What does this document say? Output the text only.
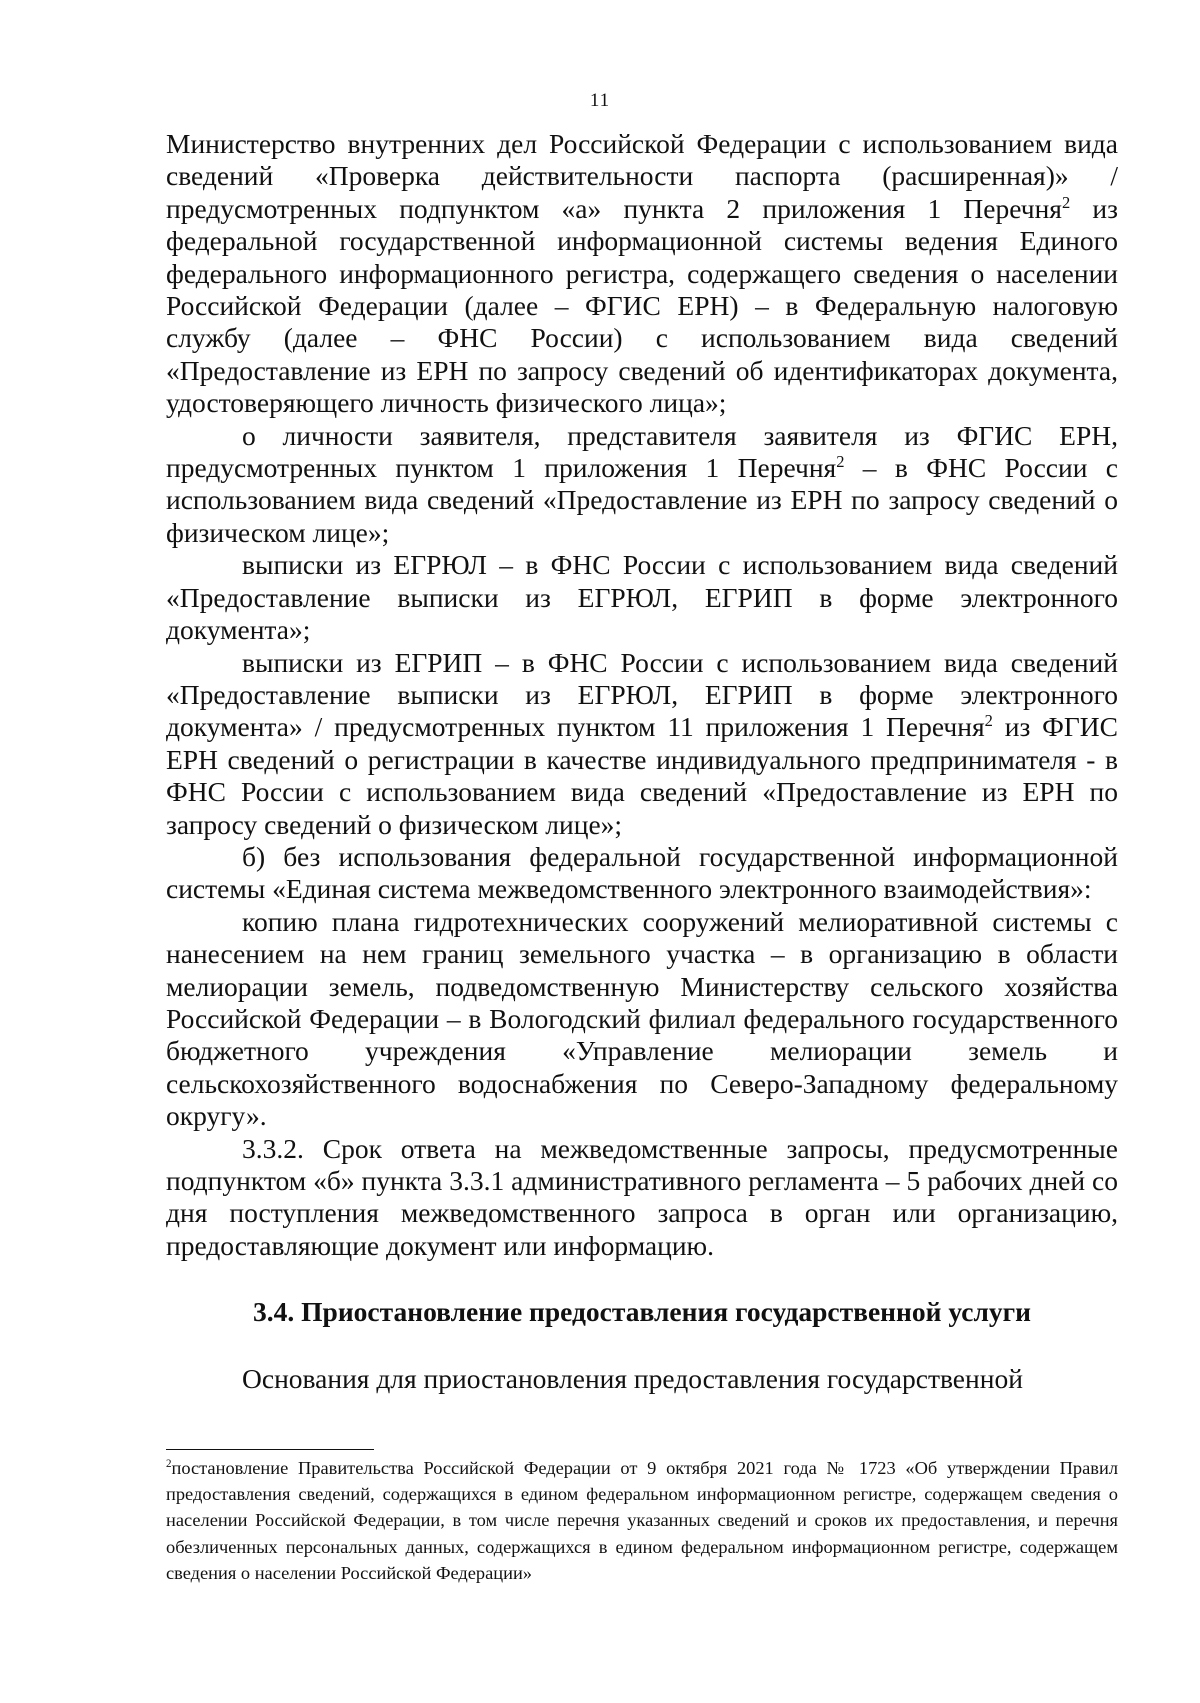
11

Министерство внутренних дел Российской Федерации с использованием вида сведений «Проверка действительности паспорта (расширенная)» / предусмотренных подпунктом «а» пункта 2 приложения 1 Перечня$^2$ из федеральной государственной информационной системы ведения Единого федерального информационного регистра, содержащего сведения о населении Российской Федерации (далее – ФГИС ЕРН) – в Федеральную налоговую службу (далее – ФНС России) с использованием вида сведений «Предоставление из ЕРН по запросу сведений об идентификаторах документа, удостоверяющего личность физического лица»;

о личности заявителя, представителя заявителя из ФГИС ЕРН, предусмотренных пунктом 1 приложения 1 Перечня$^2$ – в ФНС России с использованием вида сведений «Предоставление из ЕРН по запросу сведений о физическом лице»;

выписки из ЕГРЮЛ – в ФНС России с использованием вида сведений «Предоставление выписки из ЕГРЮЛ, ЕГРИП в форме электронного документа»;

выписки из ЕГРИП – в ФНС России с использованием вида сведений «Предоставление выписки из ЕГРЮЛ, ЕГРИП в форме электронного документа» / предусмотренных пунктом 11 приложения 1 Перечня$^2$ из ФГИС ЕРН сведений о регистрации в качестве индивидуального предпринимателя - в ФНС России с использованием вида сведений «Предоставление из ЕРН по запросу сведений о физическом лице»;

б) без использования федеральной государственной информационной системы «Единая система межведомственного электронного взаимодействия»:

копию плана гидротехнических сооружений мелиоративной системы с нанесением на нем границ земельного участка – в организацию в области мелиорации земель, подведомственную Министерству сельского хозяйства Российской Федерации – в Вологодский филиал федерального государственного бюджетного учреждения «Управление мелиорации земель и сельскохозяйственного водоснабжения по Северо-Западному федеральному округу».

3.3.2. Срок ответа на межведомственные запросы, предусмотренные подпунктом «б» пункта 3.3.1 административного регламента – 5 рабочих дней со дня поступления межведомственного запроса в орган или организацию, предоставляющие документ или информацию.

3.4. Приостановление предоставления государственной услуги

Основания для приостановления предоставления государственной

$^2$постановление Правительства Российской Федерации от 9 октября 2021 года № 1723 «Об утверждении Правил предоставления сведений, содержащихся в едином федеральном информационном регистре, содержащем сведения о населении Российской Федерации, в том числе перечня указанных сведений и сроков их предоставления, и перечня обезличенных персональных данных, содержащихся в едином федеральном информационном регистре, содержащем сведения о населении Российской Федерации»
